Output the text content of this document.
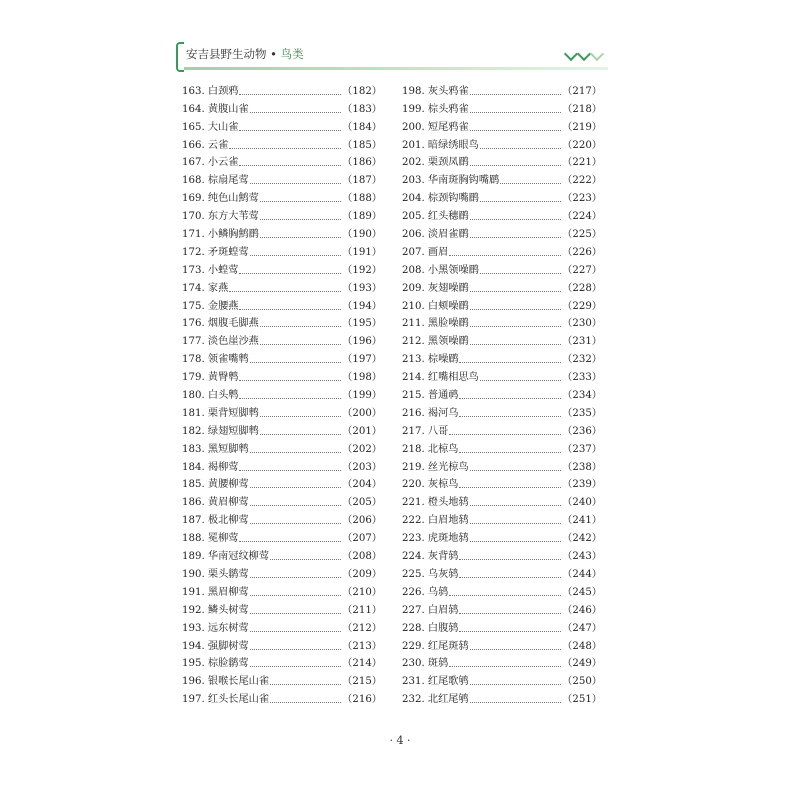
安吉县野生动物 • 鸟类
163. 白颈鸦	（182）
164. 黄腹山雀	（183）
165. 大山雀	（184）
166. 云雀	（185）
167. 小云雀	（186）
168. 棕扇尾莺	（187）
169. 纯色山鹪莺	（188）
170. 东方大苇莺	（189）
171. 小鳞胸鹪鹛	（190）
172. 矛斑蝗莺	（191）
173. 小蝗莺	（192）
174. 家燕	（193）
175. 金腰燕	（194）
176. 烟腹毛脚燕	（195）
177. 淡色崖沙燕	（196）
178. 领雀嘴鹎	（197）
179. 黄臀鹎	（198）
180. 白头鹎	（199）
181. 栗背短脚鹎	（200）
182. 绿翅短脚鹎	（201）
183. 黑短脚鹎	（202）
184. 褐柳莺	（203）
185. 黄腰柳莺	（204）
186. 黄眉柳莺	（205）
187. 极北柳莺	（206）
188. 冕柳莺	（207）
189. 华南冠纹柳莺	（208）
190. 栗头鹟莺	（209）
191. 黑眉柳莺	（210）
192. 鳞头树莺	（211）
193. 远东树莺	（212）
194. 强脚树莺	（213）
195. 棕脸鹟莺	（214）
196. 银喉长尾山雀	（215）
197. 红头长尾山雀	（216）
198. 灰头鸦雀	（217）
199. 棕头鸦雀	（218）
200. 短尾鸦雀	（219）
201. 暗绿绣眼鸟	（220）
202. 栗颈凤鹛	（221）
203. 华南斑胸钩嘴鹛	（222）
204. 棕颈钩嘴鹛	（223）
205. 红头穗鹛	（224）
206. 淡眉雀鹛	（225）
207. 画眉	（226）
208. 小黑领噪鹛	（227）
209. 灰翅噪鹛	（228）
210. 白颊噪鹛	（229）
211. 黑脸噪鹛	（230）
212. 黑领噪鹛	（231）
213. 棕噪鹛	（232）
214. 红嘴相思鸟	（233）
215. 普通䴓	（234）
216. 褐河乌	（235）
217. 八哥	（236）
218. 北椋鸟	（237）
219. 丝光椋鸟	（238）
220. 灰椋鸟	（239）
221. 橙头地鸫	（240）
222. 白眉地鸫	（241）
223. 虎斑地鸫	（242）
224. 灰背鸫	（243）
225. 乌灰鸫	（244）
226. 乌鸫	（245）
227. 白眉鸫	（246）
228. 白腹鸫	（247）
229. 红尾斑鸫	（248）
230. 斑鸫	（249）
231. 红尾歌鸲	（250）
232. 北红尾鸲	（251）
· 4 ·
